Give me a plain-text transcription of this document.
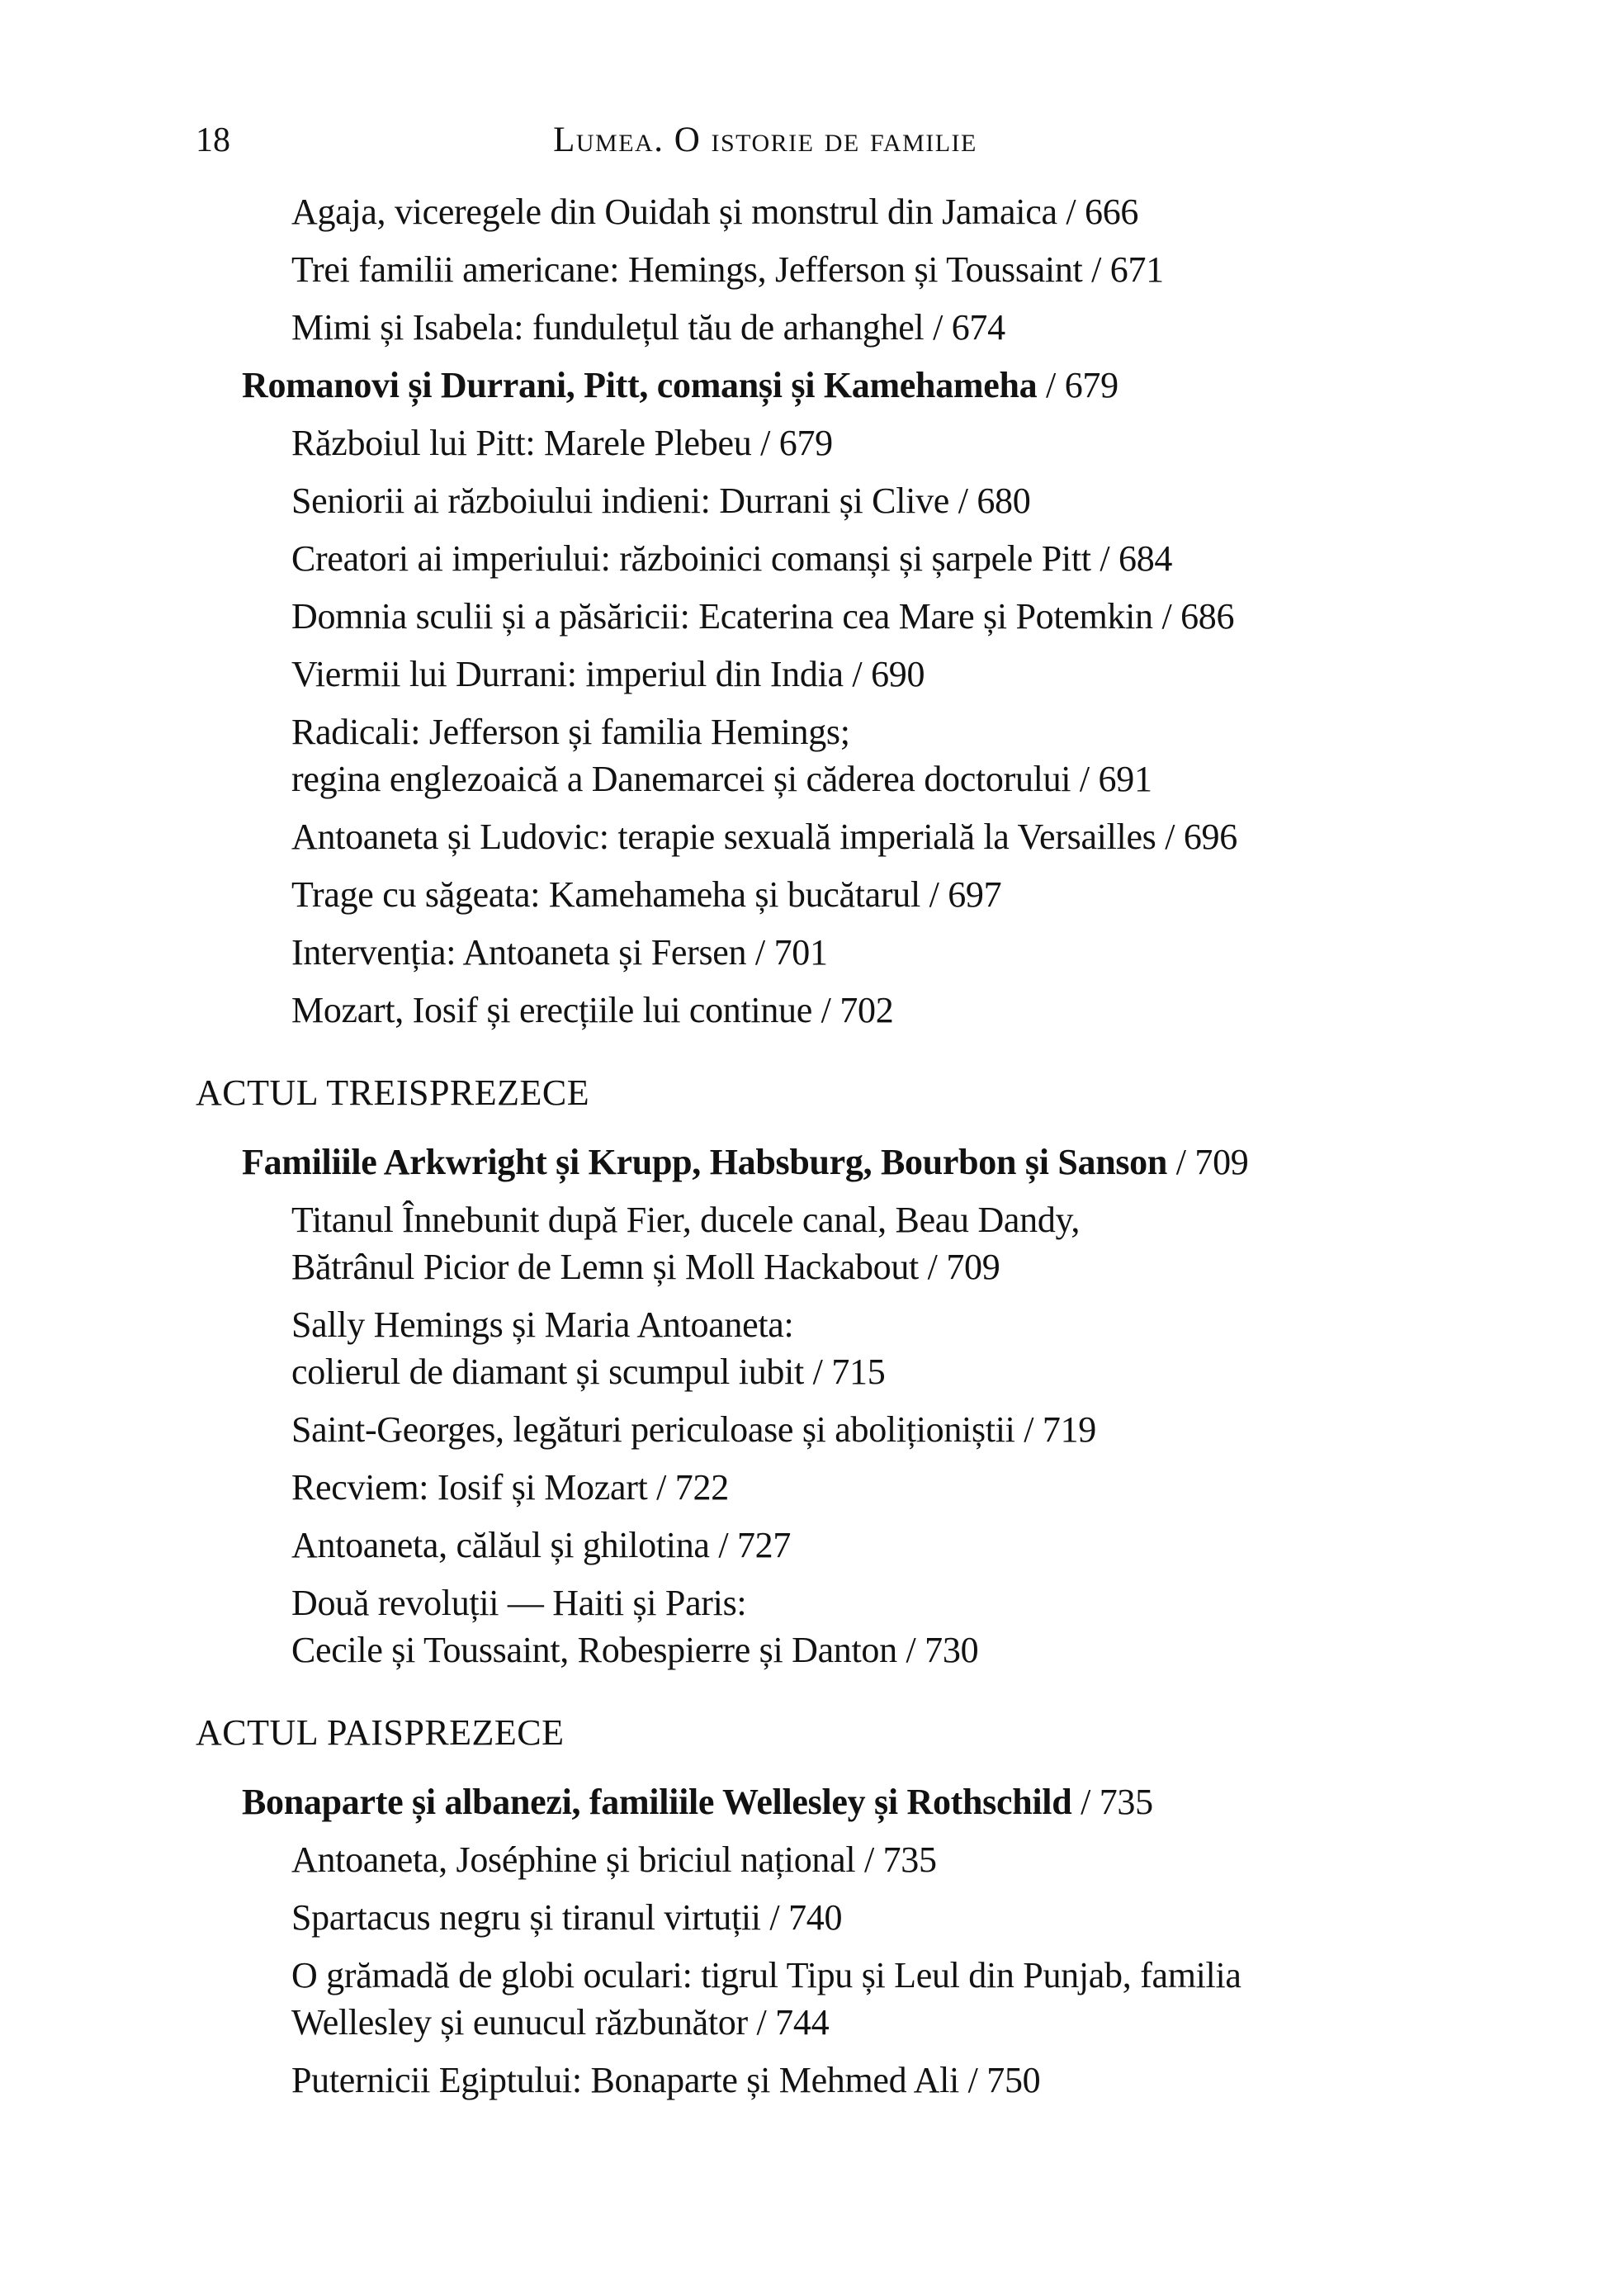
18	Lumea. O istorie de familie
Agaja, viceregele din Ouidah și monstrul din Jamaica / 666
Trei familii americane: Hemings, Jefferson și Toussaint / 671
Mimi și Isabela: fundulețul tău de arhanghel / 674
Romanovi și Durrani, Pitt, comanși și Kamehameha / 679
Războiul lui Pitt: Marele Plebeu / 679
Seniorii ai războiului indieni: Durrani și Clive / 680
Creatori ai imperiului: războinici comanși și șarpele Pitt / 684
Domnia sculii și a păsăricii: Ecaterina cea Mare și Potemkin / 686
Viermii lui Durrani: imperiul din India / 690
Radicali: Jefferson și familia Hemings;
regina englezoaică a Danemarcei și căderea doctorului / 691
Antoaneta și Ludovic: terapie sexuală imperială la Versailles / 696
Trage cu săgeata: Kamehameha și bucătarul / 697
Intervenția: Antoaneta și Fersen / 701
Mozart, Iosif și erecțiile lui continue / 702
ACTUL TREISPREZECE
Familiile Arkwright și Krupp, Habsburg, Bourbon și Sanson / 709
Titanul Înnebunit după Fier, ducele canal, Beau Dandy,
Bătrânul Picior de Lemn și Moll Hackabout / 709
Sally Hemings și Maria Antoaneta:
colierul de diamant și scumpul iubit / 715
Saint-Georges, legături periculoase și aboliționiștii / 719
Recviem: Iosif și Mozart / 722
Antoaneta, călăul și ghilotina / 727
Două revoluții — Haiti și Paris:
Cecile și Toussaint, Robespierre și Danton / 730
ACTUL PAISPREZECE
Bonaparte și albanezi, familiile Wellesley și Rothschild / 735
Antoaneta, Joséphine și briciul național / 735
Spartacus negru și tiranul virtuții / 740
O grămadă de globi oculari: tigrul Tipu și Leul din Punjab, familia
Wellesley și eunucul răzbunător / 744
Puternicii Egiptului: Bonaparte și Mehmed Ali / 750
